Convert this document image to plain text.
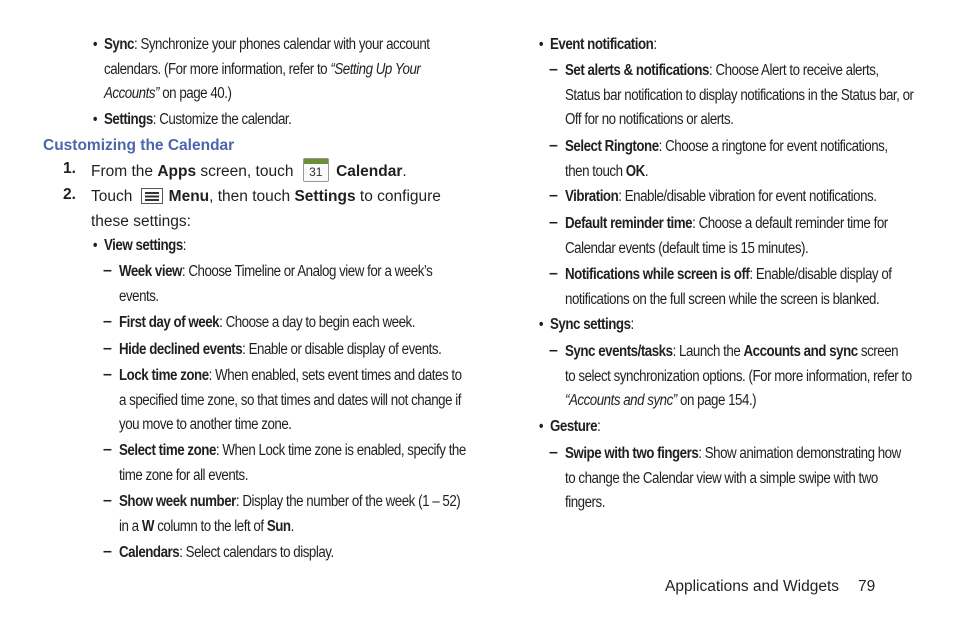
• Sync: Synchronize your phones calendar with your account
calendars. (For more information, refer to “Setting Up Your
Accounts” on page 40.)
• Settings: Customize the calendar.
Customizing the Calendar
1. From the Apps screen, touch 31 Calendar.
2. Touch Menu, then touch Settings to configure
these settings:
• View settings:
– Week view: Choose Timeline or Analog view for a week’s
events.
– First day of week: Choose a day to begin each week.
– Hide declined events: Enable or disable display of events.
– Lock time zone: When enabled, sets event times and dates to
a specified time zone, so that times and dates will not change if
you move to another time zone.
– Select time zone: When Lock time zone is enabled, specify the
time zone for all events.
– Show week number: Display the number of the week (1 – 52)
in a W column to the left of Sun.
– Calendars: Select calendars to display.
• Event notification:
– Set alerts & notifications: Choose Alert to receive alerts,
Status bar notification to display notifications in the Status bar, or
Off for no notifications or alerts.
– Select Ringtone: Choose a ringtone for event notifications,
then touch OK.
– Vibration: Enable/disable vibration for event notifications.
– Default reminder time: Choose a default reminder time for
Calendar events (default time is 15 minutes).
– Notifications while screen is off: Enable/disable display of
notifications on the full screen while the screen is blanked.
• Sync settings:
– Sync events/tasks: Launch the Accounts and sync screen
to select synchronization options. (For more information, refer to
“Accounts and sync” on page 154.)
• Gesture:
– Swipe with two fingers: Show animation demonstrating how
to change the Calendar view with a simple swipe with two
fingers.
Applications and Widgets 79
